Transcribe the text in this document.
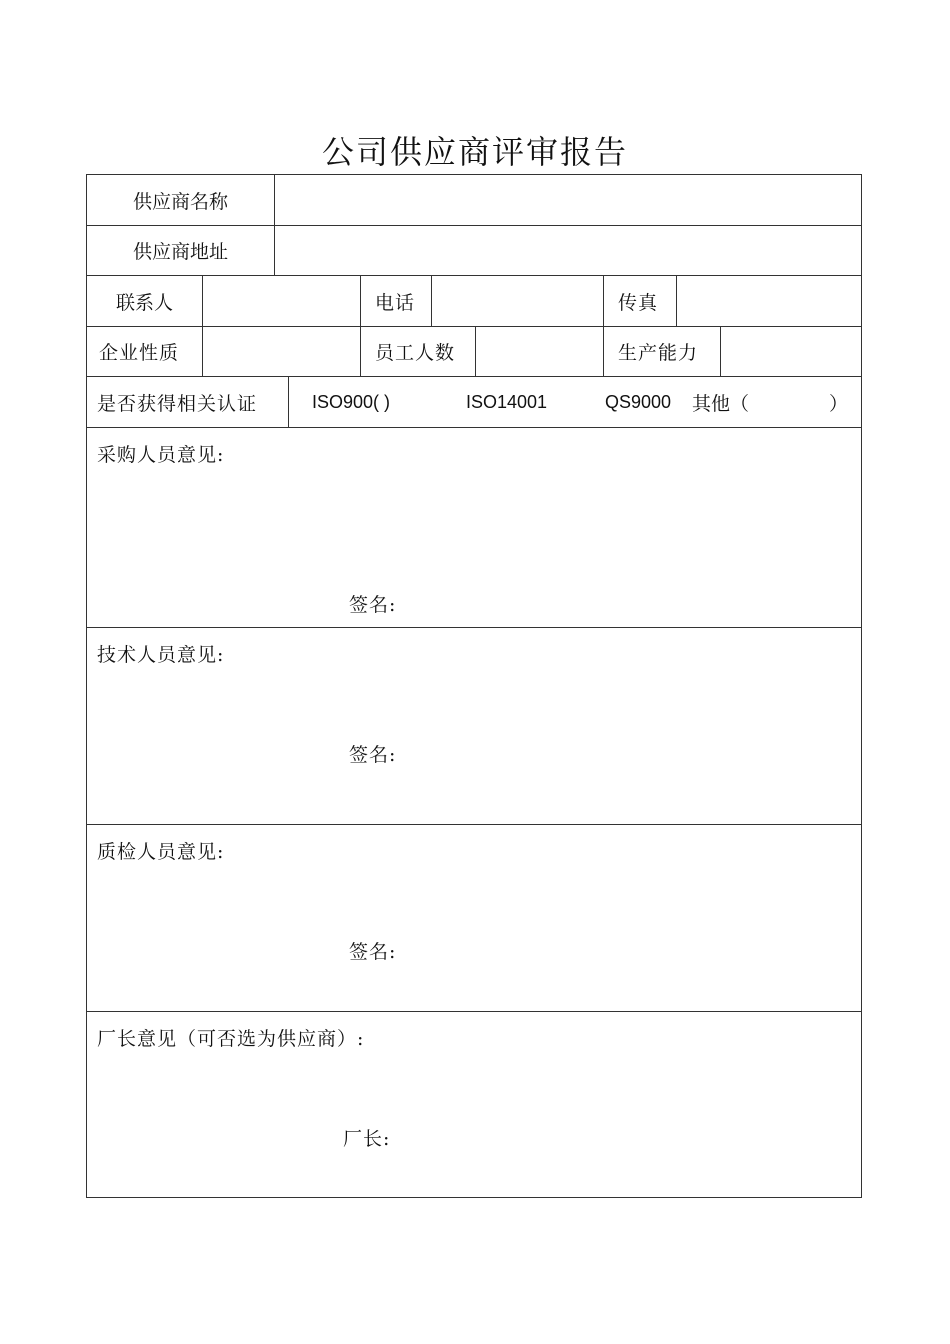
公司供应商评审报告
供应商名称
供应商地址
联系人	电话	传真
企业性质	员工人数	生产能力
是否获得相关认证	ISO900( )	ISO14001	QS9000 其他（	）
采购人员意见:
签名:
技术人员意见:
签名:
质检人员意见:
签名:
厂长意见（可否选为供应商）:
厂长:
